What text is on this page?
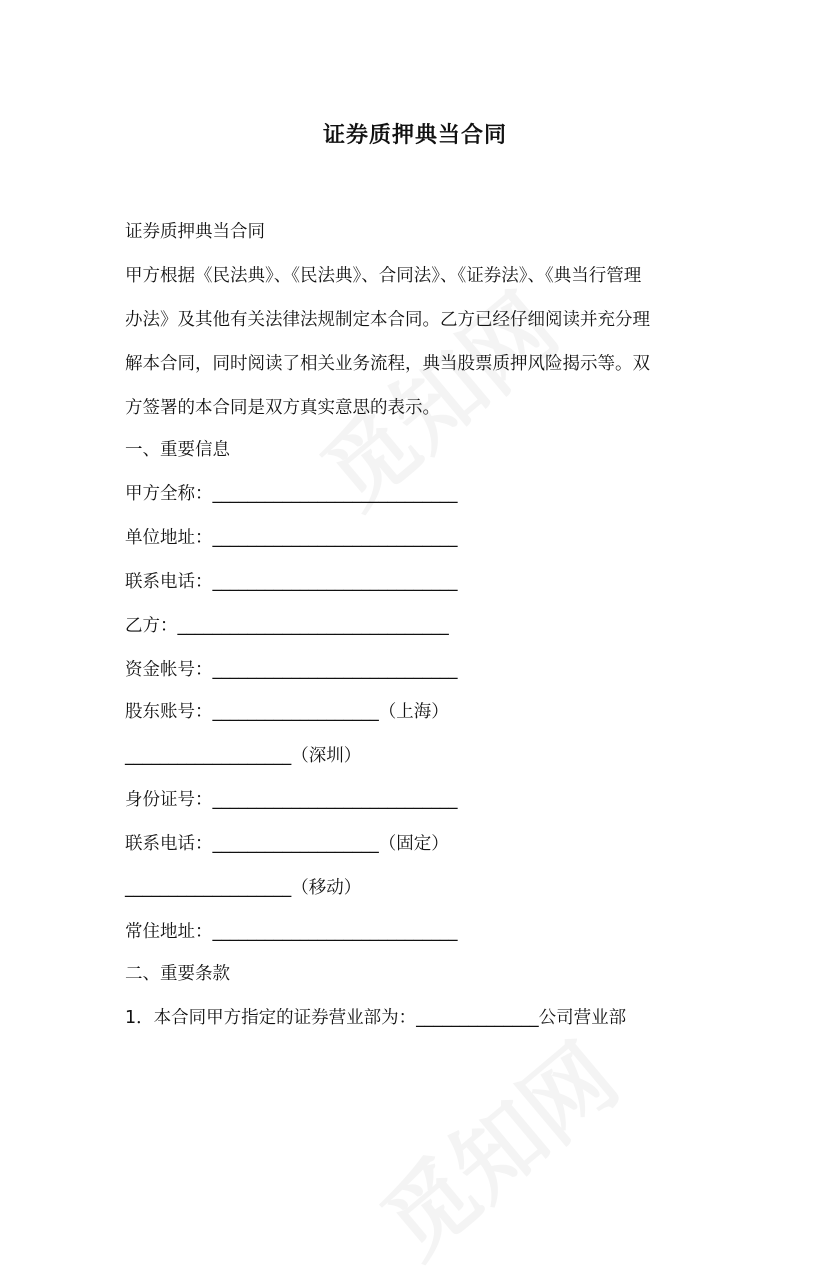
证券质押典当合同
证券质押典当合同
甲方根据《民法典》、《民法典》、合同法》、《证券法》、《典当行管理
办法》及其他有关法律法规制定本合同。乙方已经仔细阅读并充分理
解本合同，同时阅读了相关业务流程，典当股票质押风险揭示等。双
方签署的本合同是双方真实意思的表示。
一、重要信息
甲方全称：____________________________
单位地址：____________________________
联系电话：____________________________
乙方：_______________________________
资金帐号：____________________________
股东账号：___________________（上海）
___________________（深圳）
身份证号：____________________________
联系电话：___________________（固定）
___________________（移动）
常住地址：____________________________
二、重要条款
1．本合同甲方指定的证券营业部为：______________公司营业部
